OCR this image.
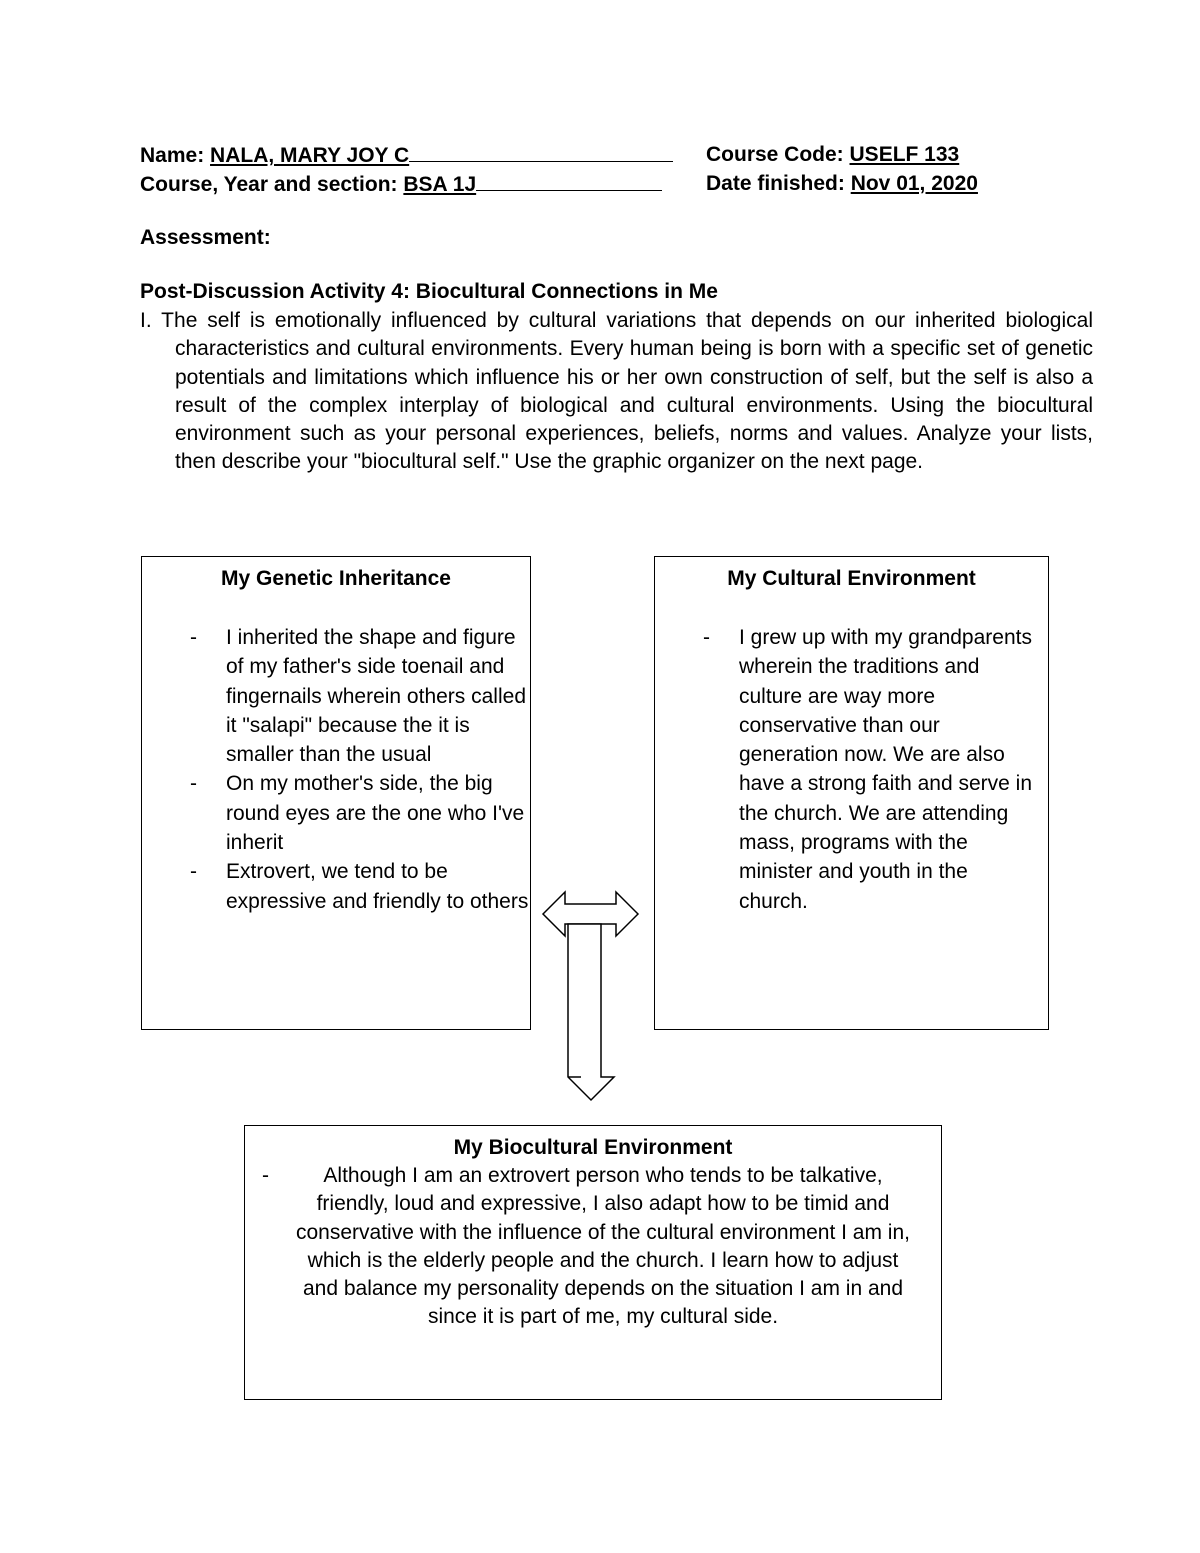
Name: NALA, MARY JOY C	Course Code: USELF 133
Course, Year and section: BSA 1J	Date finished: Nov 01, 2020
Assessment:
Post-Discussion Activity 4: Biocultural Connections in Me
I. The self is emotionally influenced by cultural variations that depends on our inherited biological characteristics and cultural environments. Every human being is born with a specific set of genetic potentials and limitations which influence his or her own construction of self, but the self is also a result of the complex interplay of biological and cultural environments. Using the biocultural environment such as your personal experiences, beliefs, norms and values. Analyze your lists, then describe your "biocultural self." Use the graphic organizer on the next page.
My Genetic Inheritance
- I inherited the shape and figure of my father's side toenail and fingernails wherein others called it "salapi" because the it is smaller than the usual
- On my mother's side, the big round eyes are the one who I've inherit
- Extrovert, we tend to be expressive and friendly to others
My Cultural Environment
- I grew up with my grandparents wherein the traditions and culture are way more conservative than our generation now. We are also have a strong faith and serve in the church. We are attending mass, programs with the minister and youth in the church.
My Biocultural Environment
-	Although I am an extrovert person who tends to be talkative, friendly, loud and expressive, I also adapt how to be timid and conservative with the influence of the cultural environment I am in, which is the elderly people and the church. I learn how to adjust and balance my personality depends on the situation I am in and since it is part of me, my cultural side.
